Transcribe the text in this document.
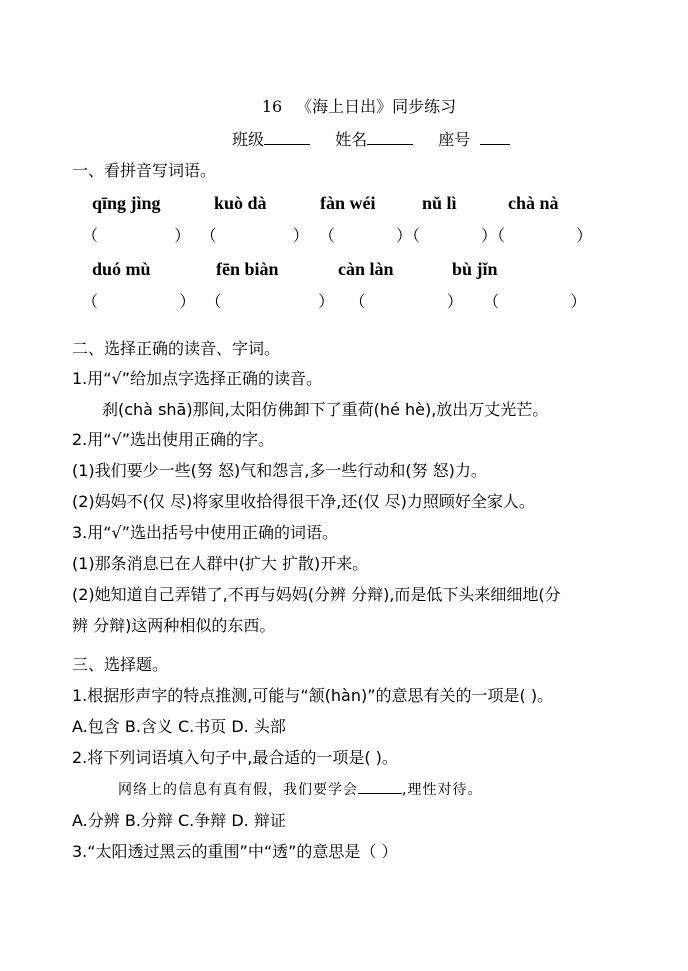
16 《海上日出》同步练习
班级	姓名	座号
一、看拼音写词语。
qīng jìng	kuò dà	fàn wéi	nǔ lì	chà nà
（               ）  （               ）  （            ）（            ）（              ）
duó mù	fēn biàn	càn làn	bù jǐn
（                ）  （                   ）   （                ）    （              ）
二、选择正确的读音、字词。
1.用“√”给加点字选择正确的读音。
刹(chà shā)那间,太阳仿佛卸下了重荷(hé hè),放出万丈光芒。
2.用“√”选出使用正确的字。
(1)我们要少一些(努 怒)气和怨言,多一些行动和(努 怒)力。
(2)妈妈不(仅 尽)将家里收拾得很干净,还(仅 尽)力照顾好全家人。
3.用“√”选出括号中使用正确的词语。
(1)那条消息已在人群中(扩大 扩散)开来。
(2)她知道自己弄错了,不再与妈妈(分辨 分辩),而是低下头来细细地(分
辨 分辩)这两种相似的东西。
三、选择题。
1.根据形声字的特点推测,可能与“颔(hàn)”的意思有关的一项是( )。
A.包含 B.含义 C.书页 D. 头部
2.将下列词语填入句子中,最合适的一项是( )。
网络上的信息有真有假，我们要学会	,理性对待。
A.分辨 B.分辩 C.争辩 D. 辩证
3.“太阳透过黑云的重围”中“透”的意思是（ ）
